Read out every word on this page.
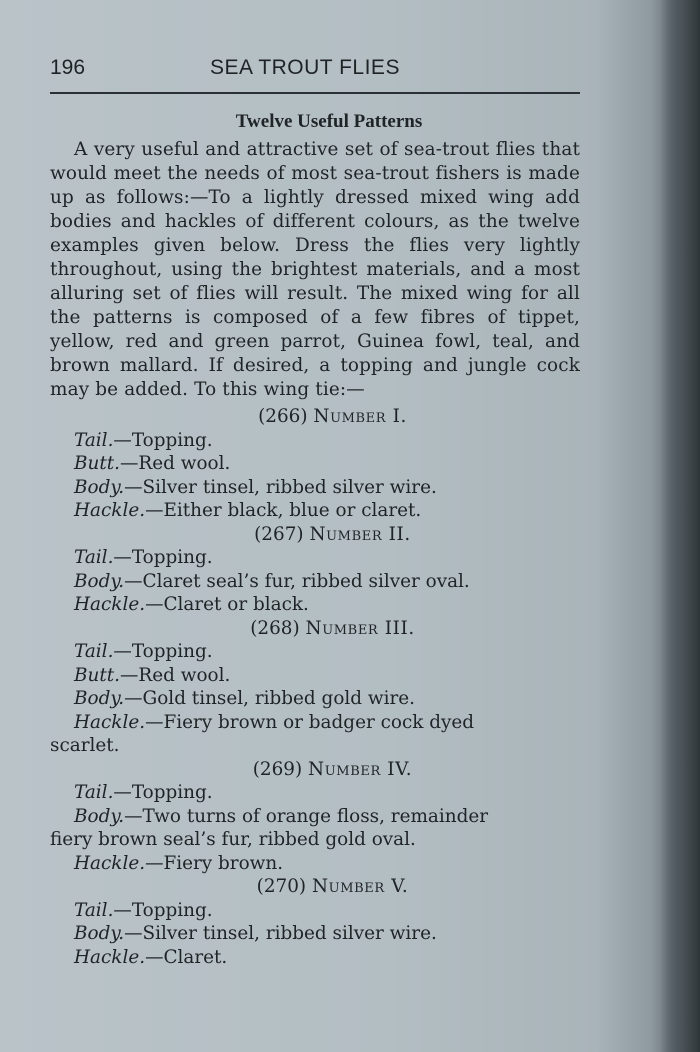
196	SEA TROUT FLIES
Twelve Useful Patterns

A very useful and attractive set of sea-trout flies that would meet the needs of most sea-trout fishers is made up as follows:—To a lightly dressed mixed wing add bodies and hackles of different colours, as the twelve examples given below. Dress the flies very lightly throughout, using the brightest materials, and a most alluring set of flies will result. The mixed wing for all the patterns is composed of a few fibres of tippet, yellow, red and green parrot, Guinea fowl, teal, and brown mallard. If desired, a topping and jungle cock may be added. To this wing tie:—

(266) Number I.
Tail.—Topping.
Butt.—Red wool.
Body.—Silver tinsel, ribbed silver wire.
Hackle.—Either black, blue or claret.
(267) Number II.
Tail.—Topping.
Body.—Claret seal’s fur, ribbed silver oval.
Hackle.—Claret or black.
(268) Number III.
Tail.—Topping.
Butt.—Red wool.
Body.—Gold tinsel, ribbed gold wire.
Hackle.—Fiery brown or badger cock dyed
scarlet.
(269) Number IV.
Tail.—Topping.
Body.—Two turns of orange floss, remainder
fiery brown seal’s fur, ribbed gold oval.
Hackle.—Fiery brown.
(270) Number V.
Tail.—Topping.
Body.—Silver tinsel, ribbed silver wire.
Hackle.—Claret.
